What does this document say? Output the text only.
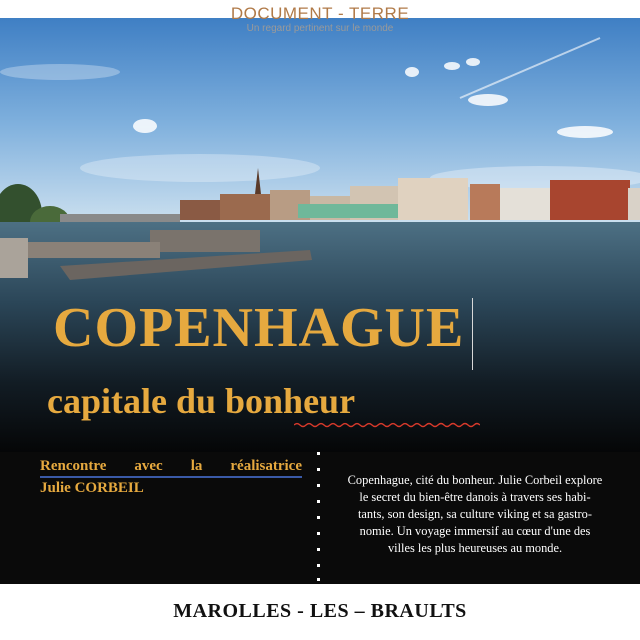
DOCUMENT - TERRE
Un regard pertinent sur le monde
COPENHAGUE
capitale du bonheur
Rencontre avec la réalisatrice
Julie CORBEIL	Copenhague, cité du bonheur. Julie Corbeil explore
le secret du bien-être danois à travers ses habi-
tants, son design, sa culture viking et sa gastro-
nomie. Un voyage immersif au cœur d'une des
villes les plus heureuses au monde.
MAROLLES - LES – BRAULTS
